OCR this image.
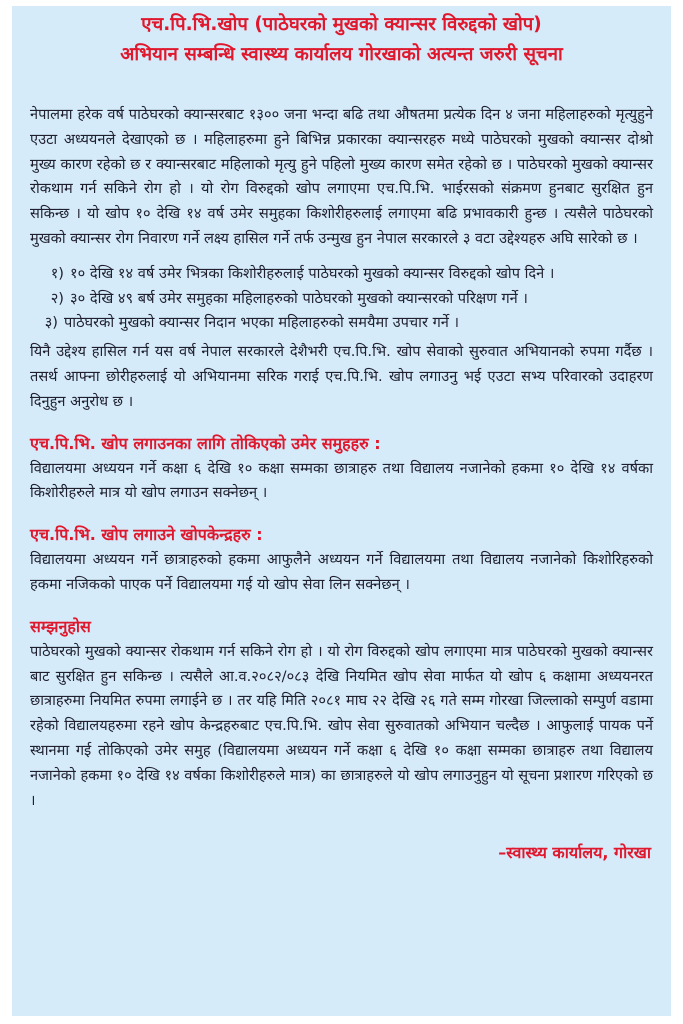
एच.पि.भि.खोप (पाठेघरको मुखको क्यान्सर विरुद्दको खोप)
अभियान सम्बन्धि स्वास्थ्य कार्यालय गोरखाको अत्यन्त जरुरी सूचना

नेपालमा हरेक वर्ष पाठेघरको क्यान्सरबाट १३०० जना भन्दा बढि तथा औषतमा प्रत्येक दिन ४ जना महिलाहरुको मृत्युहुने एउटा अध्ययनले देखाएको छ । महिलाहरुमा हुने बिभिन्न प्रकारका क्यान्सरहरु मध्ये पाठेघरको मुखको क्यान्सर दोश्रो मुख्य कारण रहेको छ र क्यान्सरबाट महिलाको मृत्यु हुने पहिलो मुख्य कारण समेत रहेको छ । पाठेघरको मुखको क्यान्सर रोकथाम गर्न सकिने रोग हो । यो रोग विरुद्दको खोप लगाएमा एच.पि.भि. भाईरसको संक्रमण हुनबाट सुरक्षित हुन सकिन्छ । यो खोप १० देखि १४ वर्ष उमेर समुहका किशोरीहरुलाई लगाएमा बढि प्रभावकारी हुन्छ । त्यसैले पाठेघरको मुखको क्यान्सर रोग निवारण गर्ने लक्ष्य हासिल गर्ने तर्फ उन्मुख हुन नेपाल सरकारले ३ वटा उद्देश्यहरु अघि सारेको छ ।

१) १० देखि १४ वर्ष उमेर भित्रका किशोरीहरुलाई पाठेघरको मुखको क्यान्सर विरुद्दको खोप दिने ।
२) ३० देखि ४९ बर्ष उमेर समुहका महिलाहरुको पाठेघरको मुखको क्यान्सरको परिक्षण गर्ने ।
३) पाठेघरको मुखको क्यान्सर निदान भएका महिलाहरुको समयैमा उपचार गर्ने ।

यिनै उद्देश्य हासिल गर्न यस वर्ष नेपाल सरकारले देशैभरी एच.पि.भि. खोप सेवाको सुरुवात अभियानको रुपमा गर्दैछ । तसर्थ आफ्ना छोरीहरुलाई यो अभियानमा सरिक गराई एच.पि.भि. खोप लगाउनु भई एउटा सभ्य परिवारको उदाहरण दिनुहुन अनुरोध छ ।

एच.पि.भि. खोप लगाउनका लागि तोकिएको उमेर समुहहरु :

विद्यालयमा अध्ययन गर्ने कक्षा ६ देखि १० कक्षा सम्मका छात्राहरु तथा विद्यालय नजानेको हकमा १० देखि १४ वर्षका किशोरीहरुले मात्र यो खोप लगाउन सक्नेछन् ।

एच.पि.भि. खोप लगाउने खोपकेन्द्रहरु :

विद्यालयमा अध्ययन गर्ने छात्राहरुको हकमा आफुलैने अध्ययन गर्ने विद्यालयमा तथा विद्यालय नजानेको किशोरिहरुको हकमा नजिकको पाएक पर्ने विद्यालयमा गई यो खोप सेवा लिन सक्नेछन् ।

सम्झनुहोस

पाठेघरको मुखको क्यान्सर रोकथाम गर्न सकिने रोग हो । यो रोग विरुद्दको खोप लगाएमा मात्र पाठेघरको मुखको क्यान्सर बाट सुरक्षित हुन सकिन्छ । त्यसैले आ.व.२०८२/०८३ देखि नियमित खोप सेवा मार्फत यो खोप ६ कक्षामा अध्ययनरत छात्राहरुमा नियमित रुपमा लगाईने छ । तर यहि मिति २०८१ माघ २२ देखि २६ गते सम्म गोरखा जिल्लाको सम्पुर्ण वडामा रहेको विद्यालयहरुमा रहने खोप केन्द्रहरुबाट एच.पि.भि. खोप सेवा सुरुवातको अभियान चल्दैछ । आफुलाई पायक पर्ने स्थानमा गई तोकिएको उमेर समुह (विद्यालयमा अध्ययन गर्ने कक्षा ६ देखि १० कक्षा सम्मका छात्राहरु तथा विद्यालय नजानेको हकमा १० देखि १४ वर्षका किशोरीहरुले मात्र) का छात्राहरुले यो खोप लगाउनुहुन यो सूचना प्रशारण गरिएको छ ।

–स्वास्थ्य कार्यालय, गोरखा
